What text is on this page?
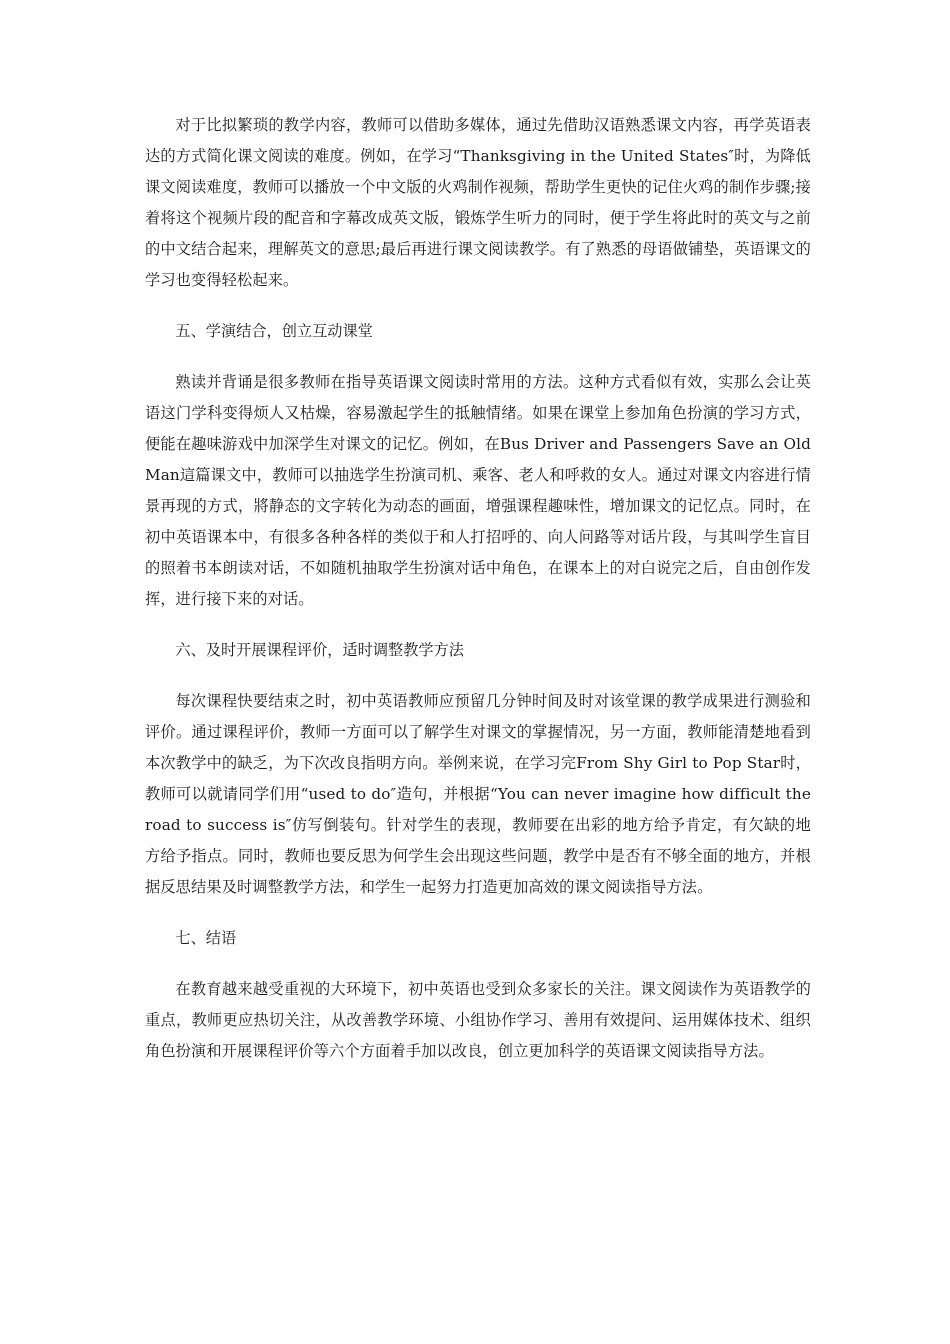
对于比拟繁琐的教学内容，教师可以借助多媒体，通过先借助汉语熟悉课文内容，再学英语表达的方式简化课文阅读的难度。例如，在学习“Thanksgiving in the United States″时，为降低课文阅读难度，教师可以播放一个中文版的火鸡制作视频，帮助学生更快的记住火鸡的制作步骤;接着将这个视频片段的配音和字幕改成英文版，锻炼学生听力的同时，便于学生将此时的英文与之前的中文结合起来，理解英文的意思;最后再进行课文阅读教学。有了熟悉的母语做铺垫，英语课文的学习也变得轻松起来。

五、学演结合，创立互动课堂

熟读并背诵是很多教师在指导英语课文阅读时常用的方法。这种方式看似有效，实那么会让英语这门学科变得烦人又枯燥，容易激起学生的抵触情绪。如果在课堂上参加角色扮演的学习方式，便能在趣味游戏中加深学生对课文的记忆。例如，在Bus Driver and Passengers Save an Old Man這篇课文中，教师可以抽选学生扮演司机、乘客、老人和呼救的女人。通过对课文内容进行情景再现的方式，將静态的文字转化为动态的画面，增强课程趣味性，增加课文的记忆点。同时，在初中英语课本中，有很多各种各样的类似于和人打招呼的、向人问路等对话片段，与其叫学生盲目的照着书本朗读对话，不如随机抽取学生扮演对话中角色，在课本上的对白说完之后，自由创作发挥，进行接下来的对话。

六、及时开展课程评价，适时调整教学方法

每次课程快要结束之时，初中英语教师应预留几分钟时间及时对该堂课的教学成果进行测验和评价。通过课程评价，教师一方面可以了解学生对课文的掌握情况，另一方面，教师能清楚地看到本次教学中的缺乏，为下次改良指明方向。举例来说，在学习完From Shy Girl to Pop Star时，教师可以就请同学们用“used to do″造句，并根据“You can never imagine how difficult the road to success is″仿写倒装句。针对学生的表现，教师要在出彩的地方给予肯定，有欠缺的地方给予指点。同时，教师也要反思为何学生会出现这些问题，教学中是否有不够全面的地方，并根据反思结果及时调整教学方法，和学生一起努力打造更加高效的课文阅读指导方法。

七、结语

在教育越来越受重视的大环境下，初中英语也受到众多家长的关注。课文阅读作为英语教学的重点，教师更应热切关注，从改善教学环境、小组协作学习、善用有效提问、运用媒体技术、组织角色扮演和开展课程评价等六个方面着手加以改良，创立更加科学的英语课文阅读指导方法。
